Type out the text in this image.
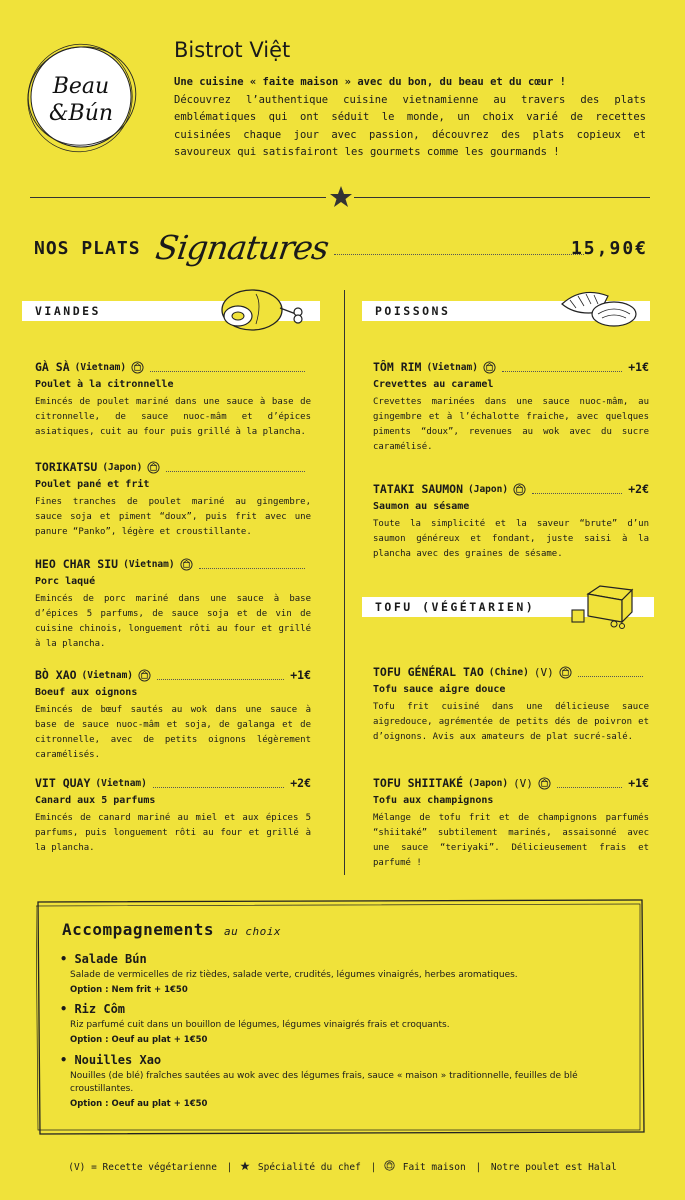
Beau
&Bún
Bistrot Việt
Une cuisine « faite maison » avec du bon, du beau et du cœur !
Découvrez l’authentique cuisine vietnamienne au travers des plats emblématiques qui ont séduit le monde, un choix varié de recettes cuisinées chaque jour avec passion, découvrez des plats copieux et savoureux qui satisfairont les gourmets comme les gourmands !
NOS PLATS Signatures	15,90€
VIANDES	POISSONS
GÀ SÀ (Vietnam)
Poulet à la citronnelle
Emincés de poulet mariné dans une sauce à base de citronnelle, de sauce nuoc-mâm et d’épices asiatiques, cuit au four puis grillé à la plancha.
TORIKATSU (Japon)
Poulet pané et frit
Fines tranches de poulet mariné au gingembre, sauce soja et piment “doux”, puis frit avec une panure “Panko”, légère et croustillante.
HEO CHAR SIU (Vietnam)
Porc laqué
Emincés de porc mariné dans une sauce à base d’épices 5 parfums, de sauce soja et de vin de cuisine chinois, longuement rôti au four et grillé à la plancha.
BÒ XAO (Vietnam)	+1€
Boeuf aux oignons
Emincés de bœuf sautés au wok dans une sauce à base de sauce nuoc-mâm et soja, de galanga et de citronnelle, avec de petits oignons légèrement caramélisés.
VIT QUAY (Vietnam)	+2€
Canard aux 5 parfums
Emincés de canard mariné au miel et aux épices 5 parfums, puis longuement rôti au four et grillé à la plancha.
TÔM RIM (Vietnam)	+1€
Crevettes au caramel
Crevettes marinées dans une sauce nuoc-mâm, au gingembre et à l’échalotte fraiche, avec quelques piments “doux”, revenues au wok avec du sucre caramélisé.
TATAKI SAUMON (Japon)	+2€
Saumon au sésame
Toute la simplicité et la saveur “brute” d’un saumon généreux et fondant, juste saisi à la plancha avec des graines de sésame.
TOFU (VÉGÉTARIEN)
TOFU GÉNÉRAL TAO (Chine) (V)
Tofu sauce aigre douce
Tofu frit cuisiné dans une délicieuse sauce aigredouce, agrémentée de petits dés de poivron et d’oignons. Avis aux amateurs de plat sucré-salé.
TOFU SHIITAKÉ (Japon) (V)	+1€
Tofu aux champignons
Mélange de tofu frit et de champignons parfumés “shiitaké” subtilement marinés, assaisonné avec une sauce “teriyaki”. Délicieusement frais et parfumé !
Accompagnements au choix
• Salade Bún
Salade de vermicelles de riz tièdes, salade verte, crudités, légumes vinaigrés, herbes aromatiques.
Option : Nem frit + 1€50
• Riz Côm
Riz parfumé cuit dans un bouillon de légumes, légumes vinaigrés frais et croquants.
Option : Oeuf au plat + 1€50
• Nouilles Xao
Nouilles (de blé) fraîches sautées au wok avec des légumes frais, sauce « maison » traditionnelle, feuilles de blé croustillantes.
Option : Oeuf au plat + 1€50
(V) = Recette végétarienne |	Spécialité du chef |	Fait maison | Notre poulet est Halal
